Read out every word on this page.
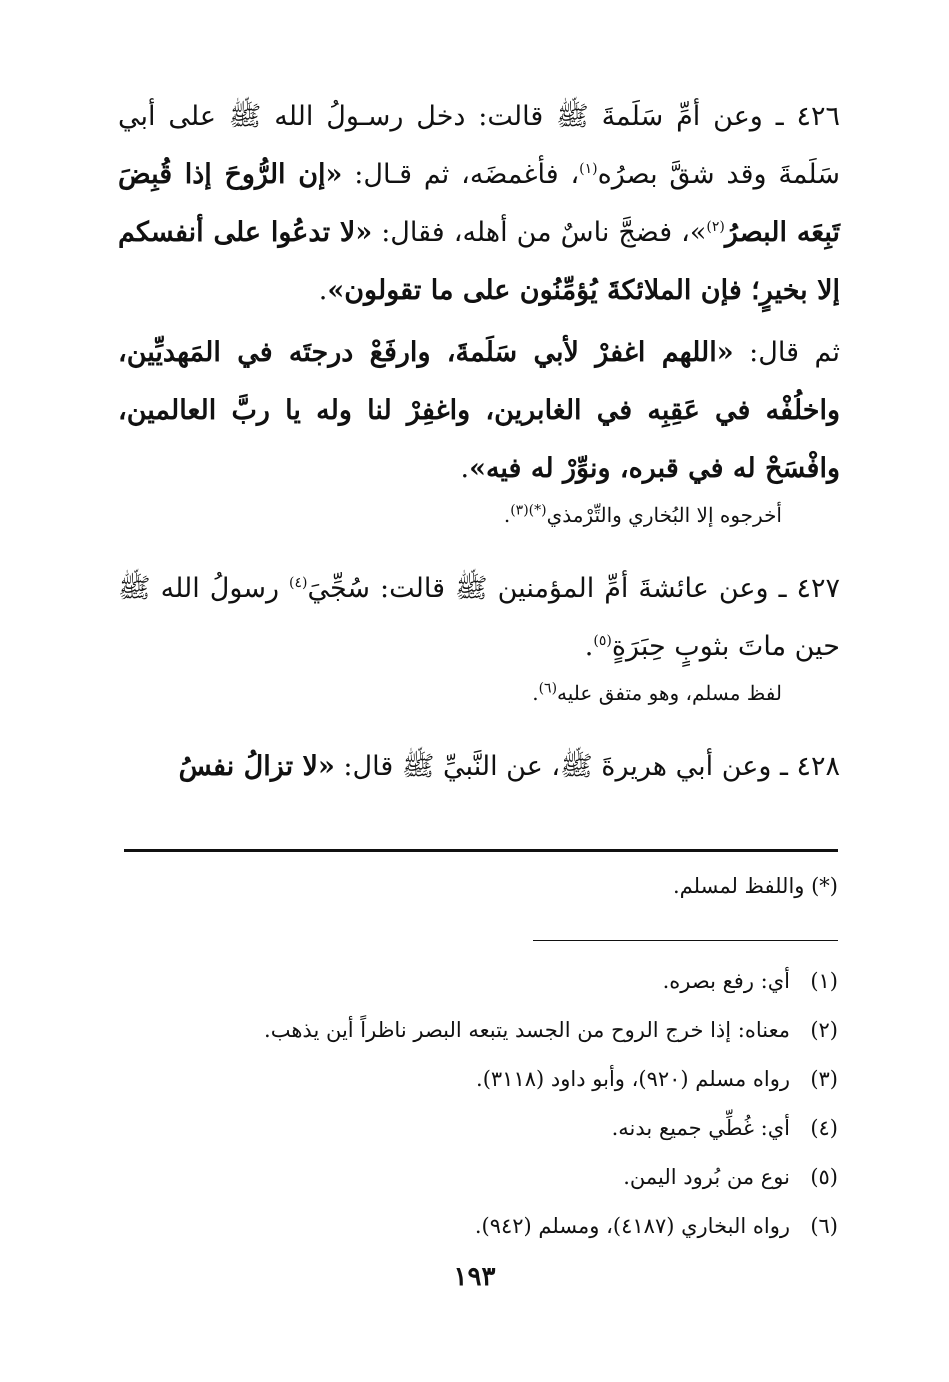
٤٢٦ ـ وعن أمِّ سَلَمةَ ﷺ قالت: دخل رسـولُ الله ﷺ على أبي سَلَمةَ وقد شقَّ بصرُه$^{(١)}$، فأغمضَه، ثم قـال: «إن الرُّوحَ إذا قُبِضَ تَبِعَه البصرُ$^{(٢)}$»، فضجَّ ناسٌ من أهله، فقال: «لا تدعُوا على أنفسكم إلا بخيرٍ؛ فإن الملائكةَ يُؤمِّنُون على ما تقولون».

ثم قال: «اللهم اغفرْ لأبي سَلَمةَ، وارفَعْ درجتَه في المَهديِّين، واخلُفْه في عَقِبِه في الغابرين، واغفِرْ لنا وله يا ربَّ العالمين، وافْسَحْ له في قبره، ونوِّرْ له فيه».

أخرجوه إلا البُخاري والتِّرْمذي$^{(*)(٣)}$.

٤٢٧ ـ وعن عائشةَ أمِّ المؤمنين ﷺ قالت: سُجِّيَ$^{(٤)}$ رسولُ الله ﷺ حين ماتَ بثوبٍ حِبَرَةٍ$^{(٥)}$.

لفظ مسلم، وهو متفق عليه$^{(٦)}$.

٤٢٨ ـ وعن أبي هريرةَ ﷺ، عن النَّبيِّ ﷺ قال: «لا تزالُ نفسُ

(*) واللفظ لمسلم.
(١)
أي: رفع بصره.
(٢)
معناه: إذا خرج الروح من الجسد يتبعه البصر ناظراً أين يذهب.
(٣)
رواه مسلم (٩٢٠)، وأبو داود (٣١١٨).
(٤)
أي: غُطِّي جميع بدنه.
(٥)
نوع من بُرود اليمن.
(٦)
رواه البخاري (٤١٨٧)، ومسلم (٩٤٢).
١٩٣
